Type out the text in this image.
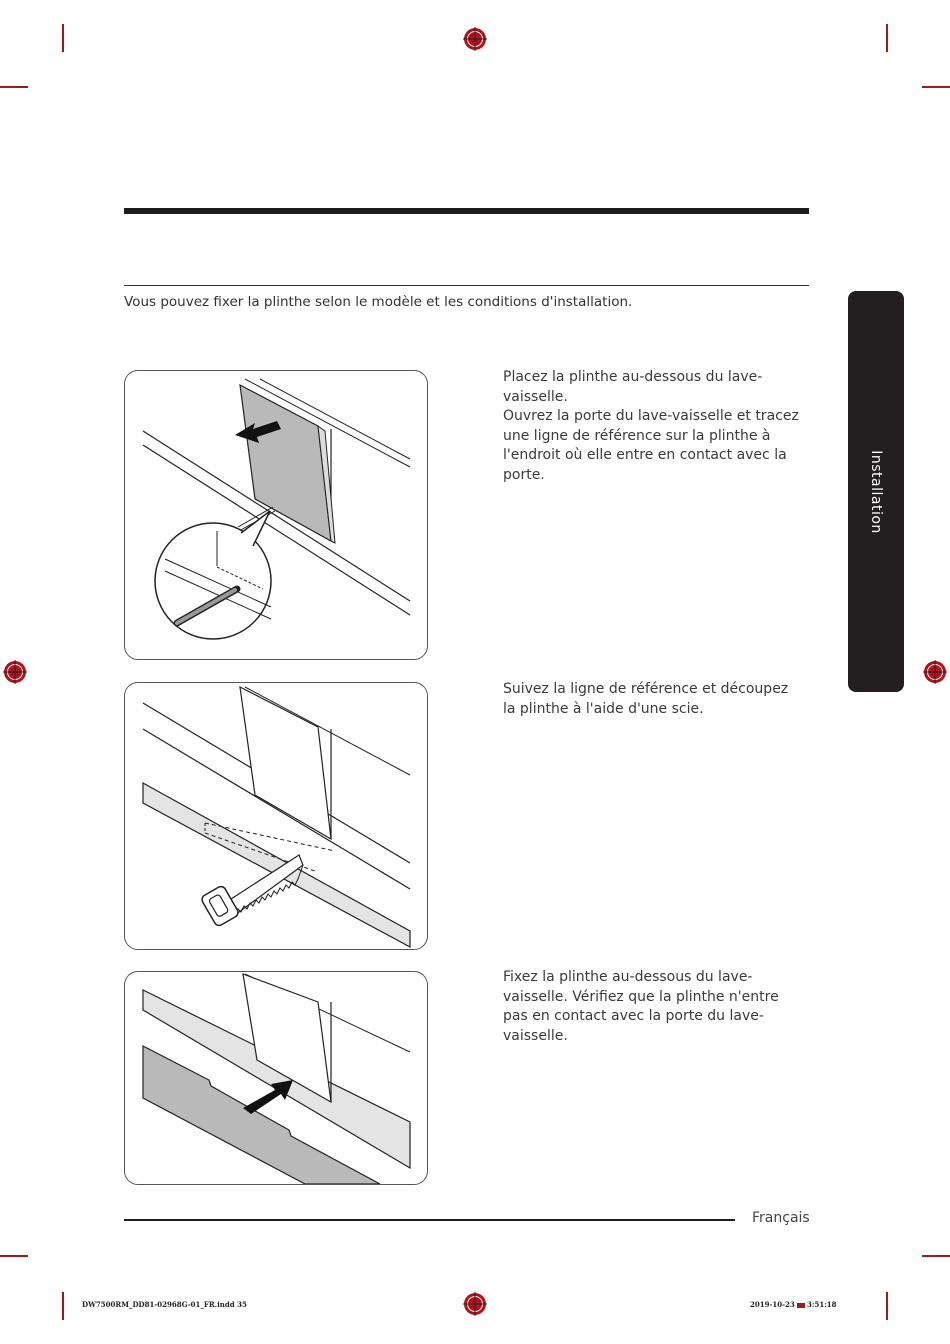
Vous pouvez fixer la plinthe selon le modèle et les conditions d'installation.
Installation

Placez la plinthe au-dessous du lave-vaisselle.

Ouvrez la porte du lave-vaisselle et tracez une ligne de référence sur la plinthe à l'endroit où elle entre en contact avec la porte.

Suivez la ligne de référence et découpez la plinthe à l'aide d'une scie.

Fixez la plinthe au-dessous du lave-vaisselle. Vérifiez que la plinthe n'entre pas en contact avec la porte du lave-vaisselle.

Français
DW7500RM_DD81-02968G-01_FR.indd 35	2019-10-23	3:51:18
